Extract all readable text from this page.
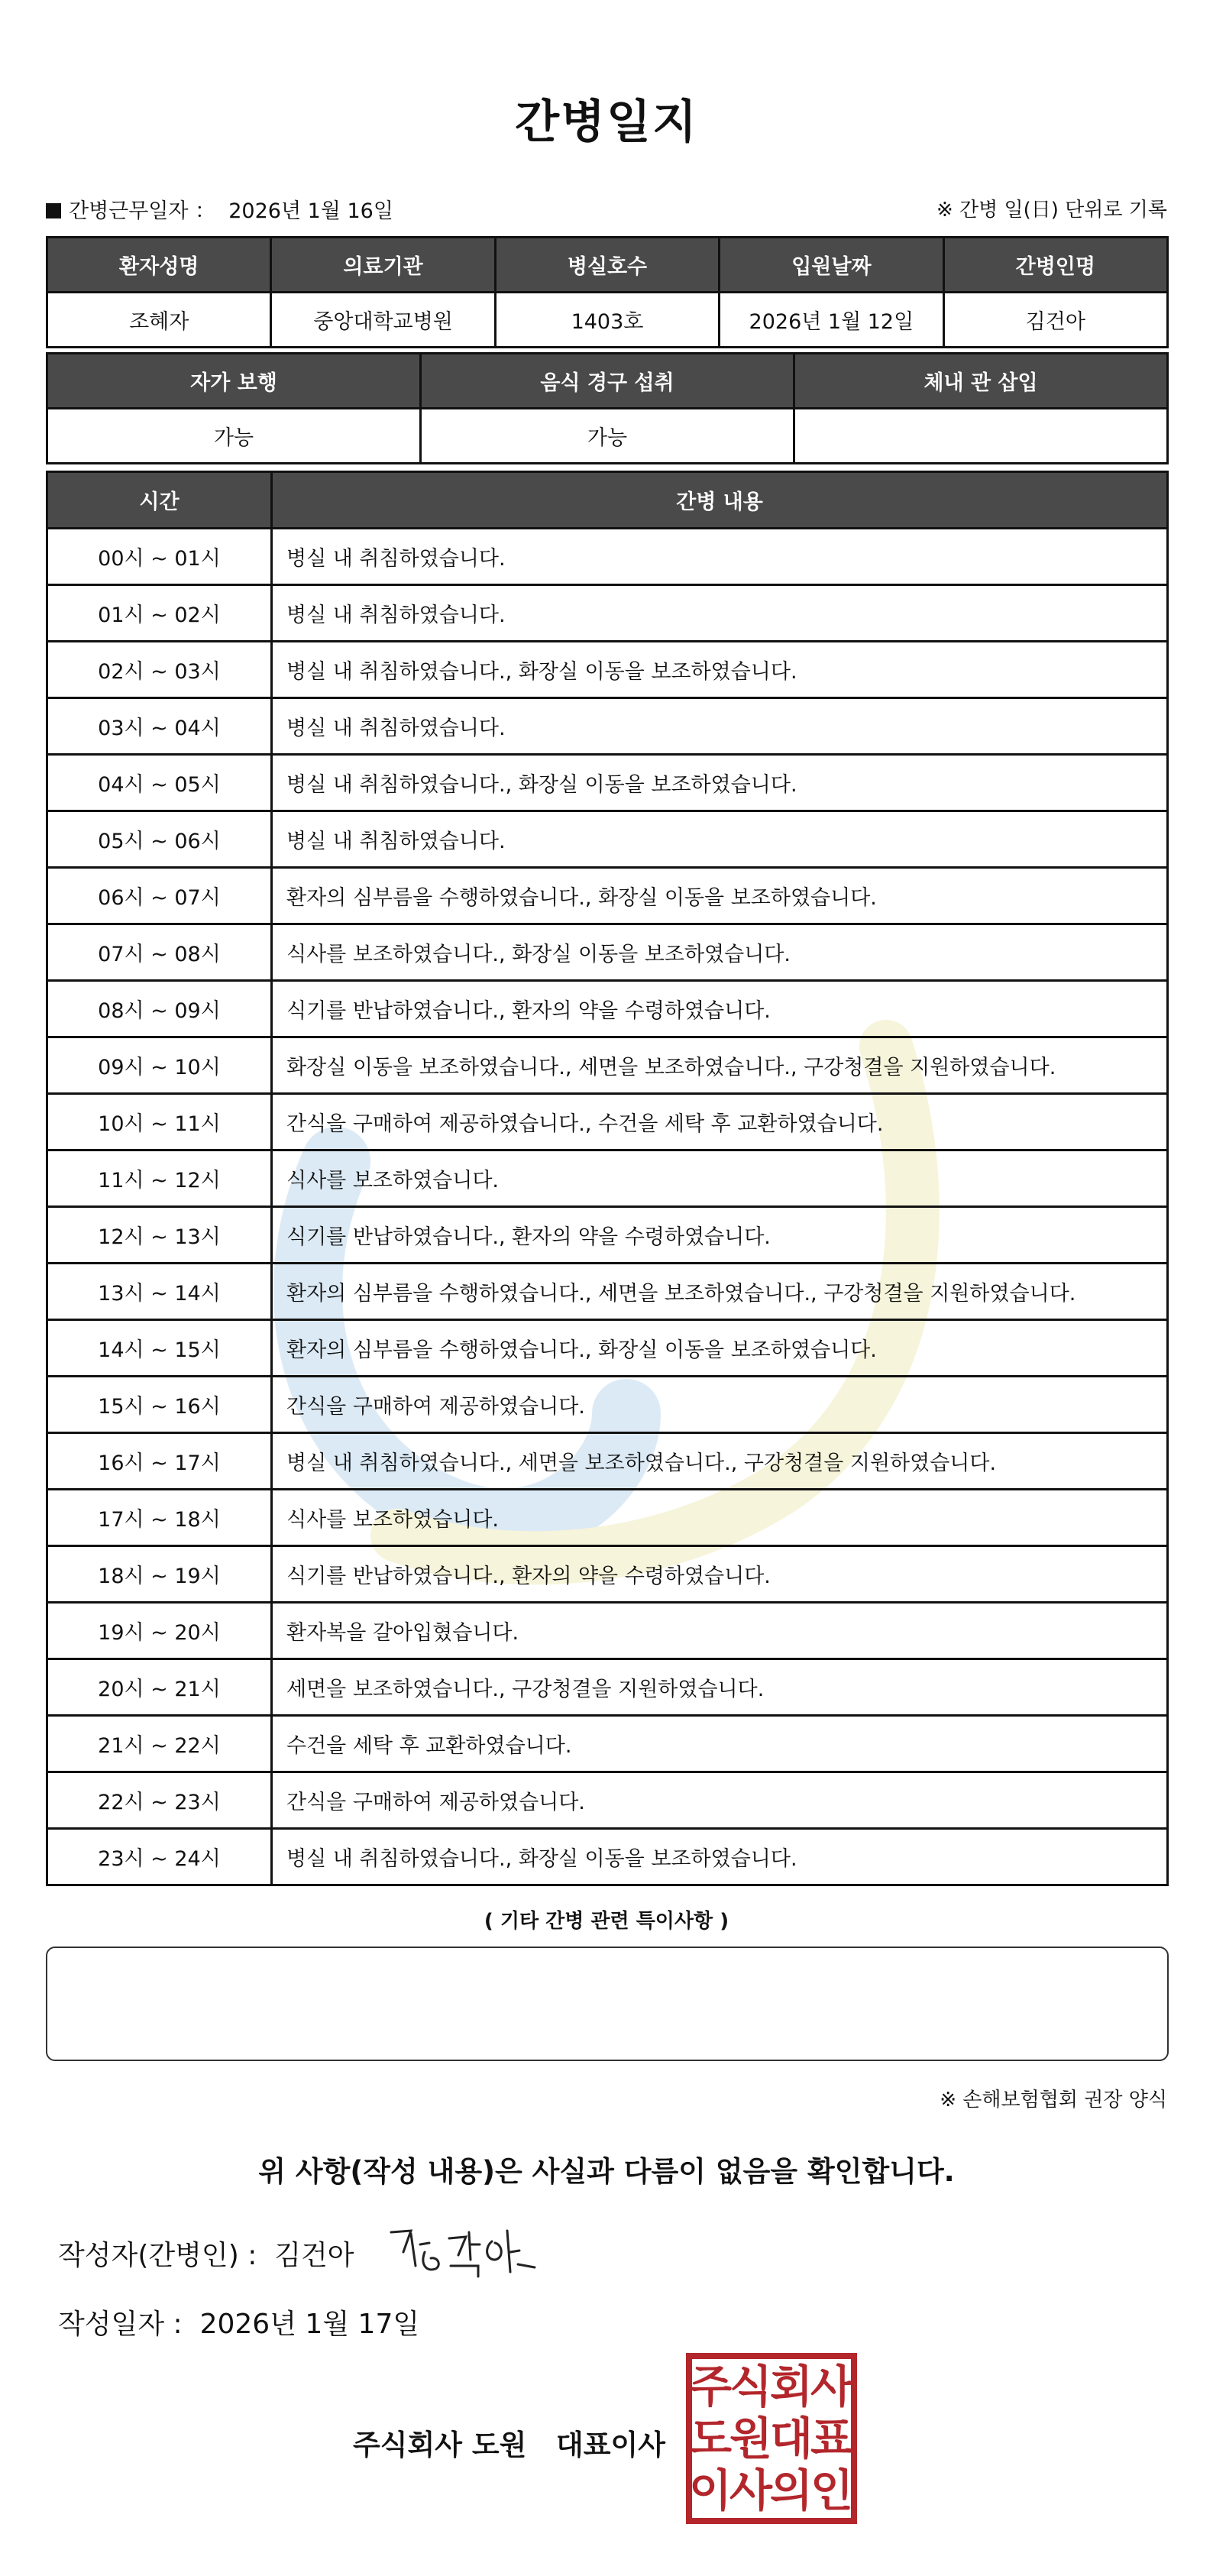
간병일지
간병근무일자 ： 2026년 1월 16일	※ 간병 일(日) 단위로 기록
환자성명	의료기관	병실호수	입원날짜	간병인명
조혜자	중앙대학교병원	1403호	2026년 1월 12일	김건아
자가 보행	음식 경구 섭취	체내 관 삽입
가능	가능	
시간	간병 내용
00시 ~ 01시	병실 내 취침하였습니다.
01시 ~ 02시	병실 내 취침하였습니다.
02시 ~ 03시	병실 내 취침하였습니다., 화장실 이동을 보조하였습니다.
03시 ~ 04시	병실 내 취침하였습니다.
04시 ~ 05시	병실 내 취침하였습니다., 화장실 이동을 보조하였습니다.
05시 ~ 06시	병실 내 취침하였습니다.
06시 ~ 07시	환자의 심부름을 수행하였습니다., 화장실 이동을 보조하였습니다.
07시 ~ 08시	식사를 보조하였습니다., 화장실 이동을 보조하였습니다.
08시 ~ 09시	식기를 반납하였습니다., 환자의 약을 수령하였습니다.
09시 ~ 10시	화장실 이동을 보조하였습니다., 세면을 보조하였습니다., 구강청결을 지원하였습니다.
10시 ~ 11시	간식을 구매하여 제공하였습니다., 수건을 세탁 후 교환하였습니다.
11시 ~ 12시	식사를 보조하였습니다.
12시 ~ 13시	식기를 반납하였습니다., 환자의 약을 수령하였습니다.
13시 ~ 14시	환자의 심부름을 수행하였습니다., 세면을 보조하였습니다., 구강청결을 지원하였습니다.
14시 ~ 15시	환자의 심부름을 수행하였습니다., 화장실 이동을 보조하였습니다.
15시 ~ 16시	간식을 구매하여 제공하였습니다.
16시 ~ 17시	병실 내 취침하였습니다., 세면을 보조하였습니다., 구강청결을 지원하였습니다.
17시 ~ 18시	식사를 보조하였습니다.
18시 ~ 19시	식기를 반납하였습니다., 환자의 약을 수령하였습니다.
19시 ~ 20시	환자복을 갈아입혔습니다.
20시 ~ 21시	세면을 보조하였습니다., 구강청결을 지원하였습니다.
21시 ~ 22시	수건을 세탁 후 교환하였습니다.
22시 ~ 23시	간식을 구매하여 제공하였습니다.
23시 ~ 24시	병실 내 취침하였습니다., 화장실 이동을 보조하였습니다.
( 기타 간병 관련 특이사항 )
※ 손해보험협회 권장 양식
위 사항(작성 내용)은 사실과 다름이 없음을 확인합니다.
작성자(간병인) : 김건아
작성일자 : 2026년 1월 17일
주식회사 도원 대표이사
주
식
회
사
도
원
대
표
이
사
의
인
